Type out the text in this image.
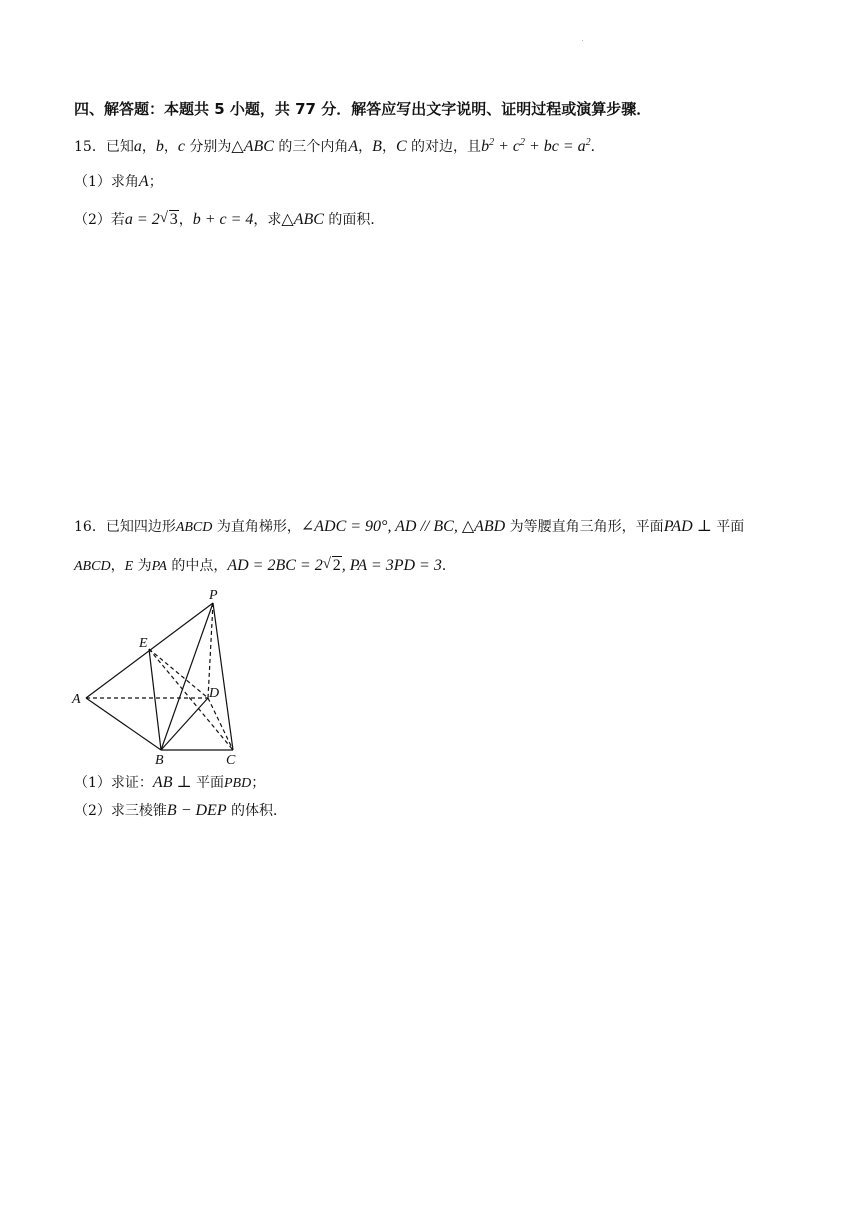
四、解答题：本题共 5 小题，共 77 分．解答应写出文字说明、证明过程或演算步骤．
15．已知a，b，c 分别为△ABC 的三个内角A，B，C 的对边，且$b^2 + c^2$ + bc = $a^2$．
（1）求角A；
（2）若a = 2 √ 3，b + c = 4，求△ABC 的面积．
16．已知四边形ABCD 为直角梯形，∠ADC = 90°, AD // BC, △ABD 为等腰直角三角形，平面PAD ⊥ 平面
ABCD，E 为PA 的中点，AD = 2BC = 2 √ 2, PA = 3PD = 3．
P
E
A	D
B	C
（1）求证：AB ⊥ 平面PBD；
（2）求三棱锥B − DEP 的体积．
